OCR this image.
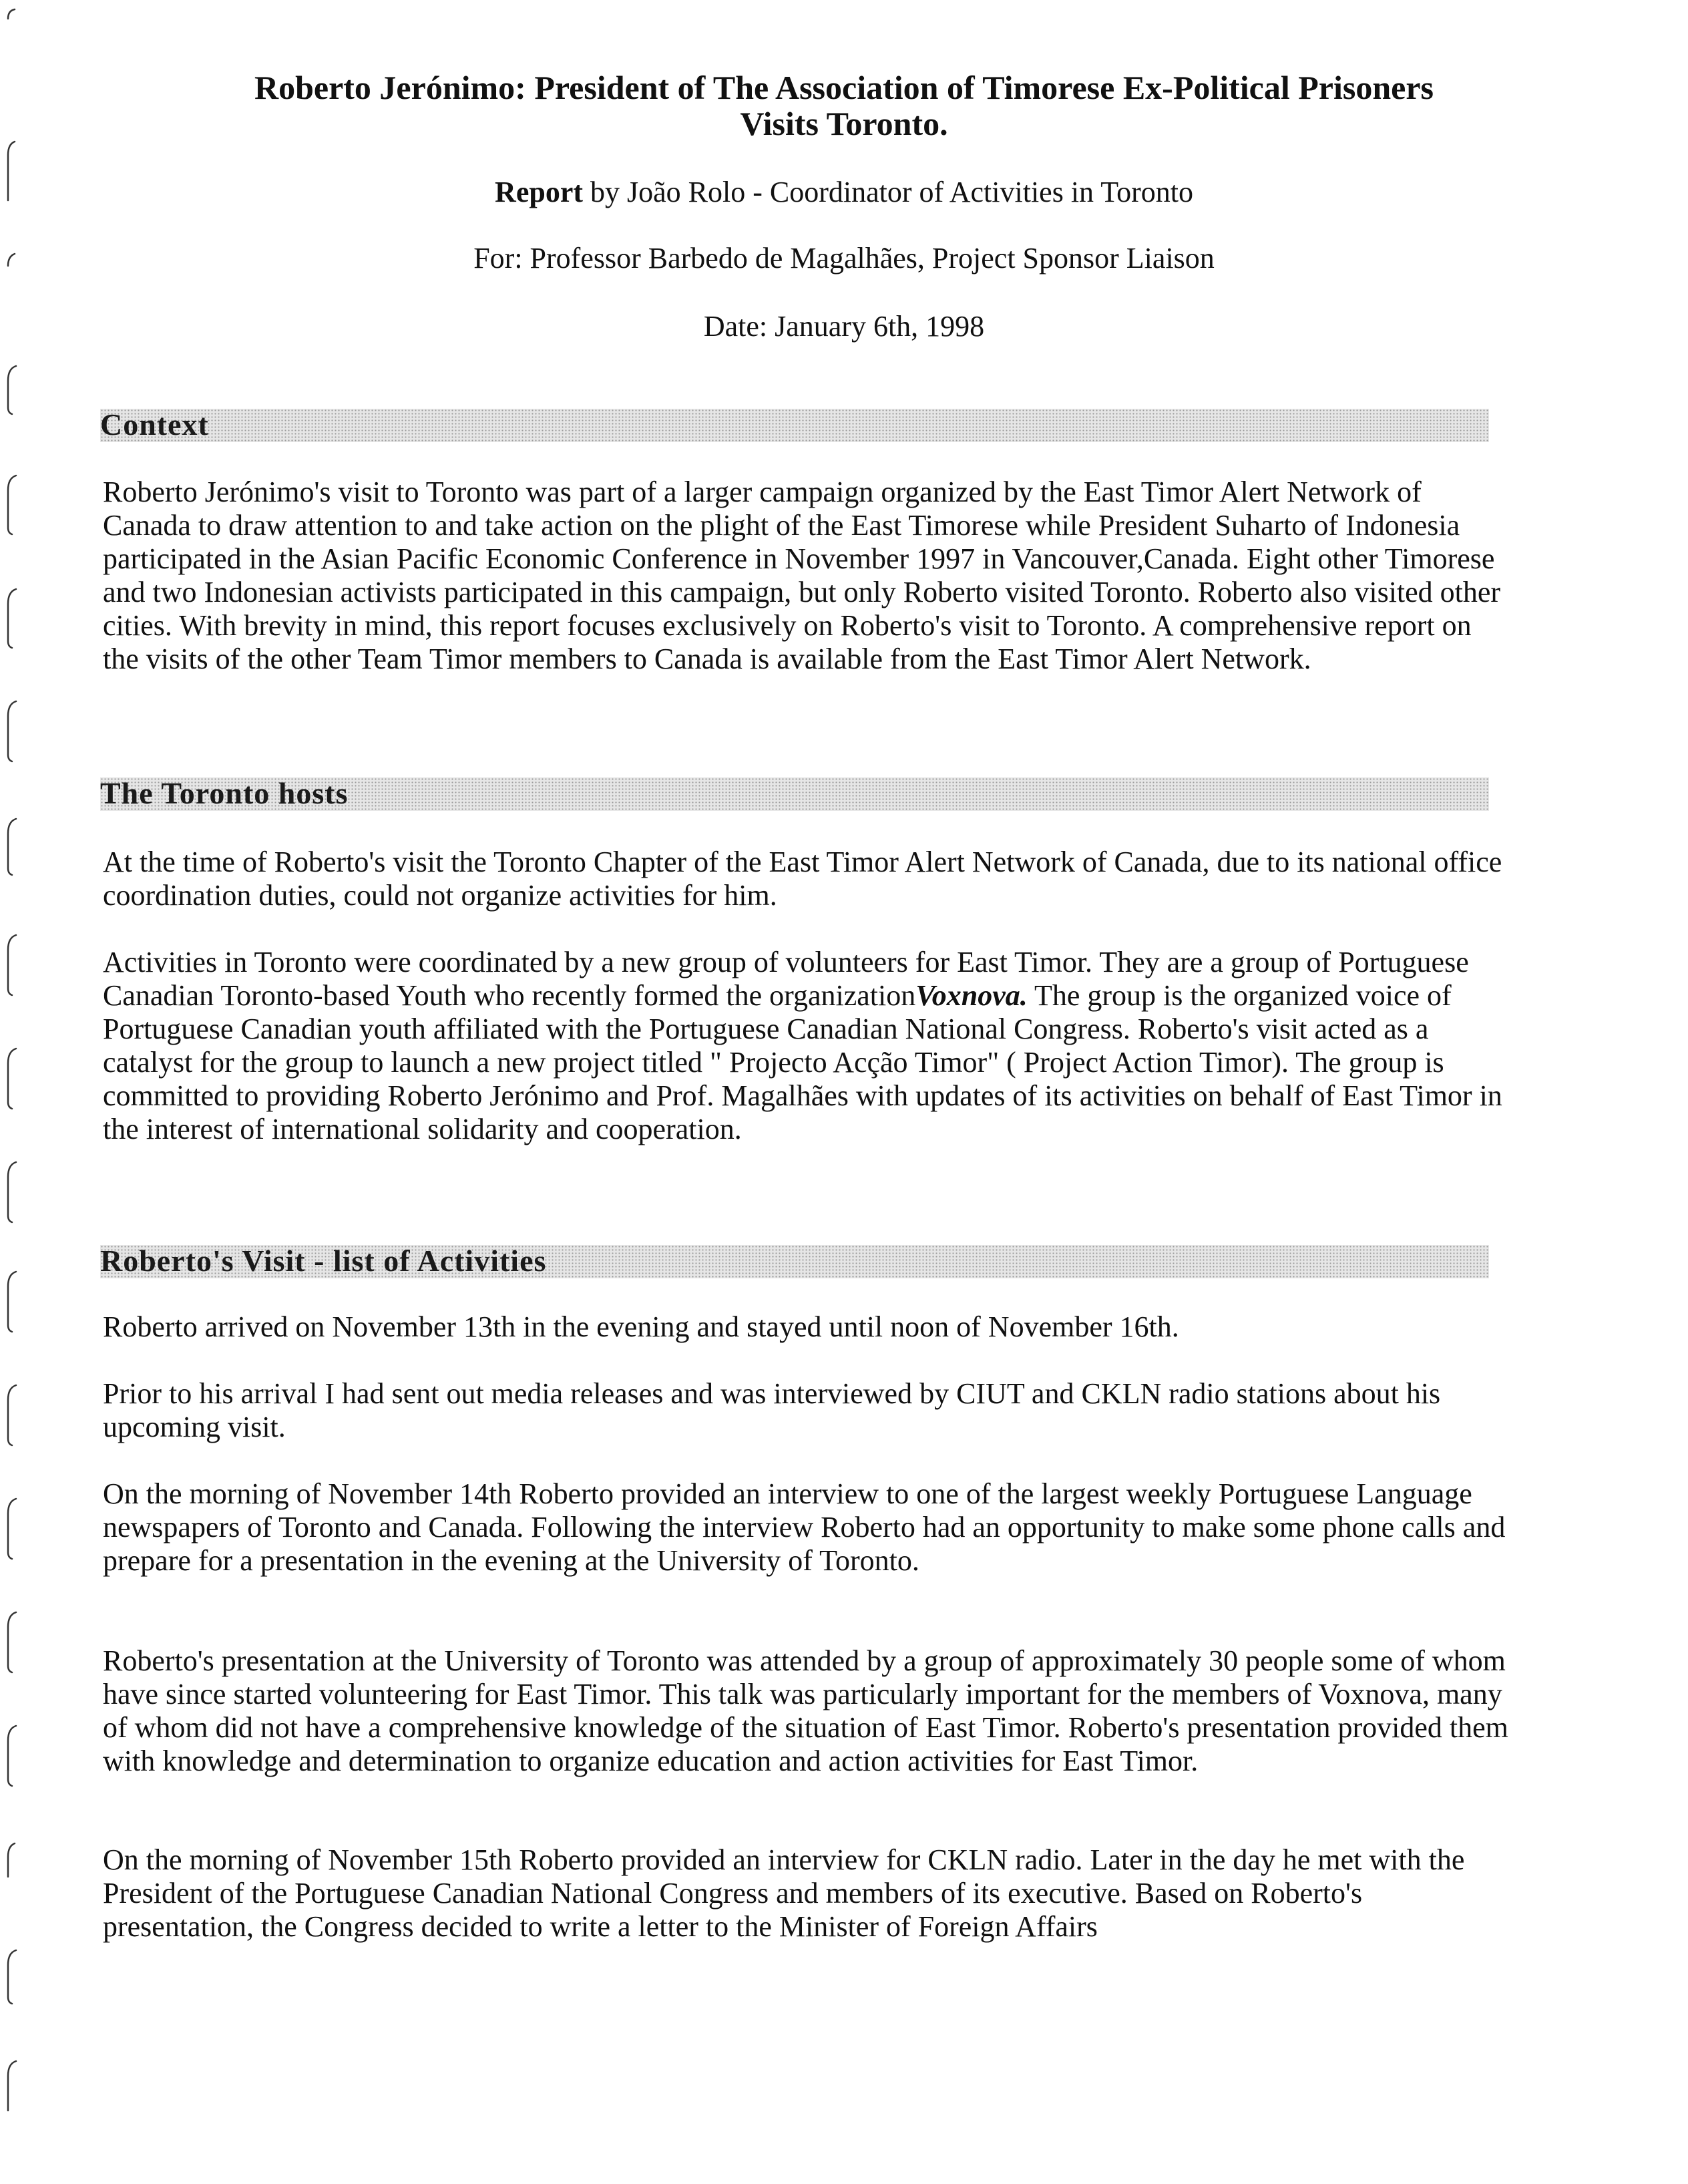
Roberto Jerónimo: President of The Association of Timorese Ex-Political Prisoners
Visits Toronto.
Report by João Rolo - Coordinator of Activities in Toronto
For: Professor Barbedo de Magalhães, Project Sponsor Liaison
Date: January 6th, 1998
Context
Roberto Jerónimo's visit to Toronto was part of a larger campaign organized by the East Timor Alert Network of Canada to draw attention to and take action on the plight of the East Timorese while President Suharto of Indonesia participated in the Asian Pacific Economic Conference in November 1997 in Vancouver,Canada. Eight other Timorese and two Indonesian activists participated in this campaign, but only Roberto visited Toronto. Roberto also visited other cities. With brevity in mind, this report focuses exclusively on Roberto's visit to Toronto. A comprehensive report on the visits of the other Team Timor members to Canada is available from the East Timor Alert Network.
The Toronto hosts
At the time of Roberto's visit the Toronto Chapter of the East Timor Alert Network of Canada, due to its national office coordination duties, could not organize activities for him.
Activities in Toronto were coordinated by a new group of volunteers for East Timor. They are a group of Portuguese Canadian Toronto-based Youth who recently formed the organizationVoxnova. The group is the organized voice of Portuguese Canadian youth affiliated with the Portuguese Canadian National Congress. Roberto's visit acted as a catalyst for the group to launch a new project titled " Projecto Acção Timor" ( Project Action Timor). The group is committed to providing Roberto Jerónimo and Prof. Magalhães with updates of its activities on behalf of East Timor in the interest of international solidarity and cooperation.
Roberto's Visit - list of Activities
Roberto arrived on November 13th in the evening and stayed until noon of November 16th.
Prior to his arrival I had sent out media releases and was interviewed by CIUT and CKLN radio stations about his upcoming visit.
On the morning of November 14th Roberto provided an interview to one of the largest weekly Portuguese Language newspapers of Toronto and Canada. Following the interview Roberto had an opportunity to make some phone calls and prepare for a presentation in the evening at the University of Toronto.
Roberto's presentation at the University of Toronto was attended by a group of approximately 30 people some of whom have since started volunteering for East Timor. This talk was particularly important for the members of Voxnova, many of whom did not have a comprehensive knowledge of the situation of East Timor. Roberto's presentation provided them with knowledge and determination to organize education and action activities for East Timor.
On the morning of November 15th Roberto provided an interview for CKLN radio. Later in the day he met with the President of the Portuguese Canadian National Congress and members of its executive. Based on Roberto's presentation, the Congress decided to write a letter to the Minister of Foreign Affairs
